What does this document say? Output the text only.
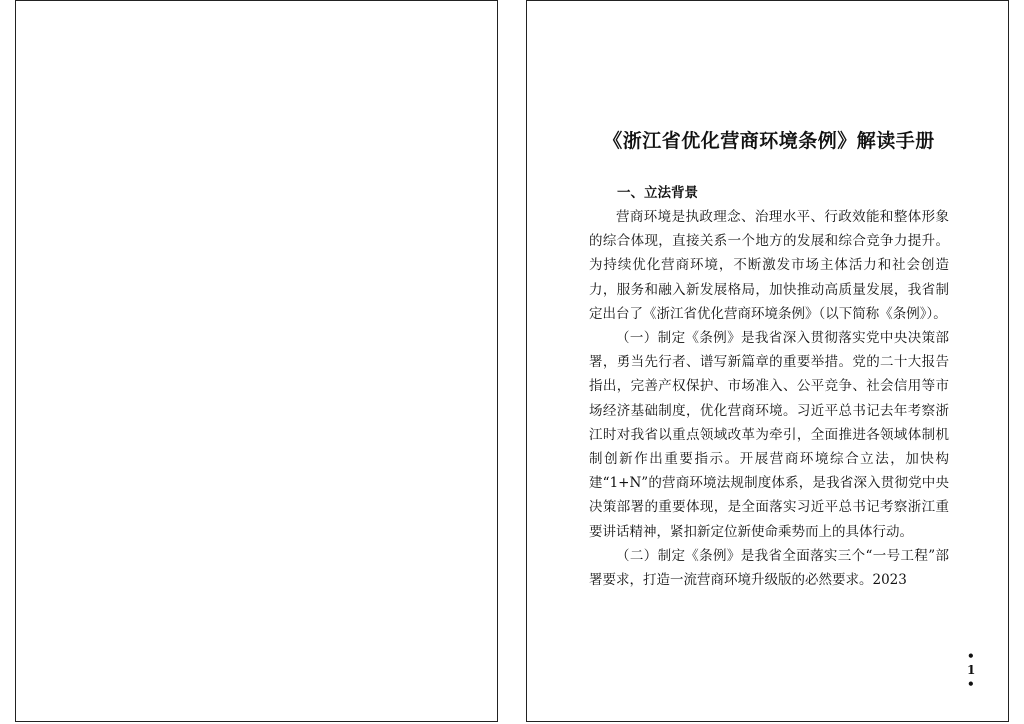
《浙江省优化营商环境条例》解读手册
一、立法背景

营商环境是执政理念、治理水平、行政效能和整体形象的综合体现，直接关系一个地方的发展和综合竞争力提升。为持续优化营商环境，不断激发市场主体活力和社会创造力，服务和融入新发展格局，加快推动高质量发展，我省制定出台了《浙江省优化营商环境条例》（以下简称《条例》）。

（一）制定《条例》是我省深入贯彻落实党中央决策部署，勇当先行者、谱写新篇章的重要举措。党的二十大报告指出，完善产权保护、市场准入、公平竞争、社会信用等市场经济基础制度，优化营商环境。习近平总书记去年考察浙江时对我省以重点领域改革为牵引，全面推进各领域体制机制创新作出重要指示。开展营商环境综合立法，加快构建“1+N”的营商环境法规制度体系，是我省深入贯彻党中央决策部署的重要体现，是全面落实习近平总书记考察浙江重要讲话精神，紧扣新定位新使命乘势而上的具体行动。

（二）制定《条例》是我省全面落实三个“一号工程”部署要求，打造一流营商环境升级版的必然要求。2023

• 1 •
